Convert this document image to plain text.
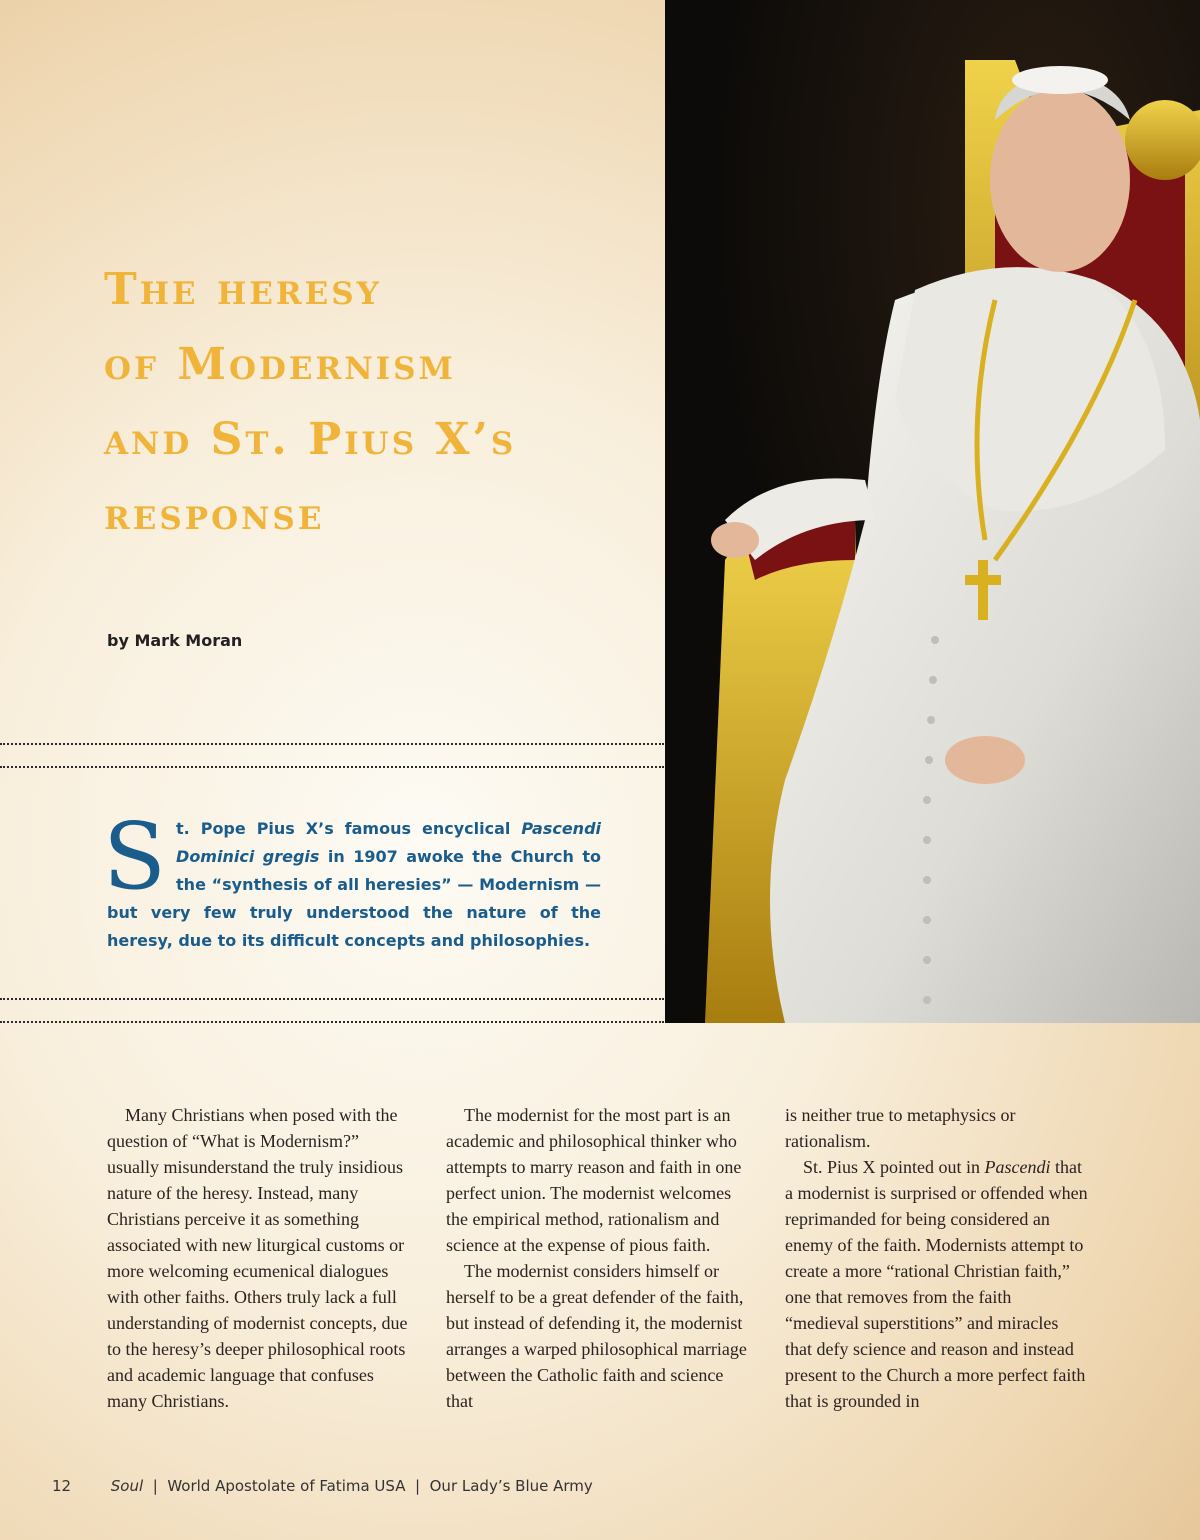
The heresy
of Modernism
and St. Pius X’s
response
by Mark Moran

St. Pope Pius X’s famous encyclical Pascendi Dominici gregis in 1907 awoke the Church to the “synthesis of all heresies” — Modernism — but very few truly understood the nature of the heresy, due to its difficult concepts and philosophies.

Many Christians when posed with the question of “What is Modernism?” usually misunderstand the truly insidious nature of the heresy. Instead, many Christians perceive it as something associated with new liturgical customs or more welcoming ecumenical dialogues with other faiths. Others truly lack a full understanding of modernist concepts, due to the heresy’s deeper philosophical roots and academic language that confuses many Christians.

The modernist for the most part is an academic and philosophical thinker who attempts to marry reason and faith in one perfect union. The modernist welcomes the empirical method, rationalism and science at the expense of pious faith.

The modernist considers himself or herself to be a great defender of the faith, but instead of defending it, the modernist arranges a warped philosophical marriage between the Catholic faith and science that

is neither true to metaphysics or rationalism.

St. Pius X pointed out in Pascendi that a modernist is surprised or offended when reprimanded for being considered an enemy of the faith. Modernists attempt to create a more “rational Christian faith,” one that removes from the faith “medieval superstitions” and miracles that defy science and reason and instead present to the Church a more perfect faith that is grounded in

12	Soul | World Apostolate of Fatima USA | Our Lady’s Blue Army
